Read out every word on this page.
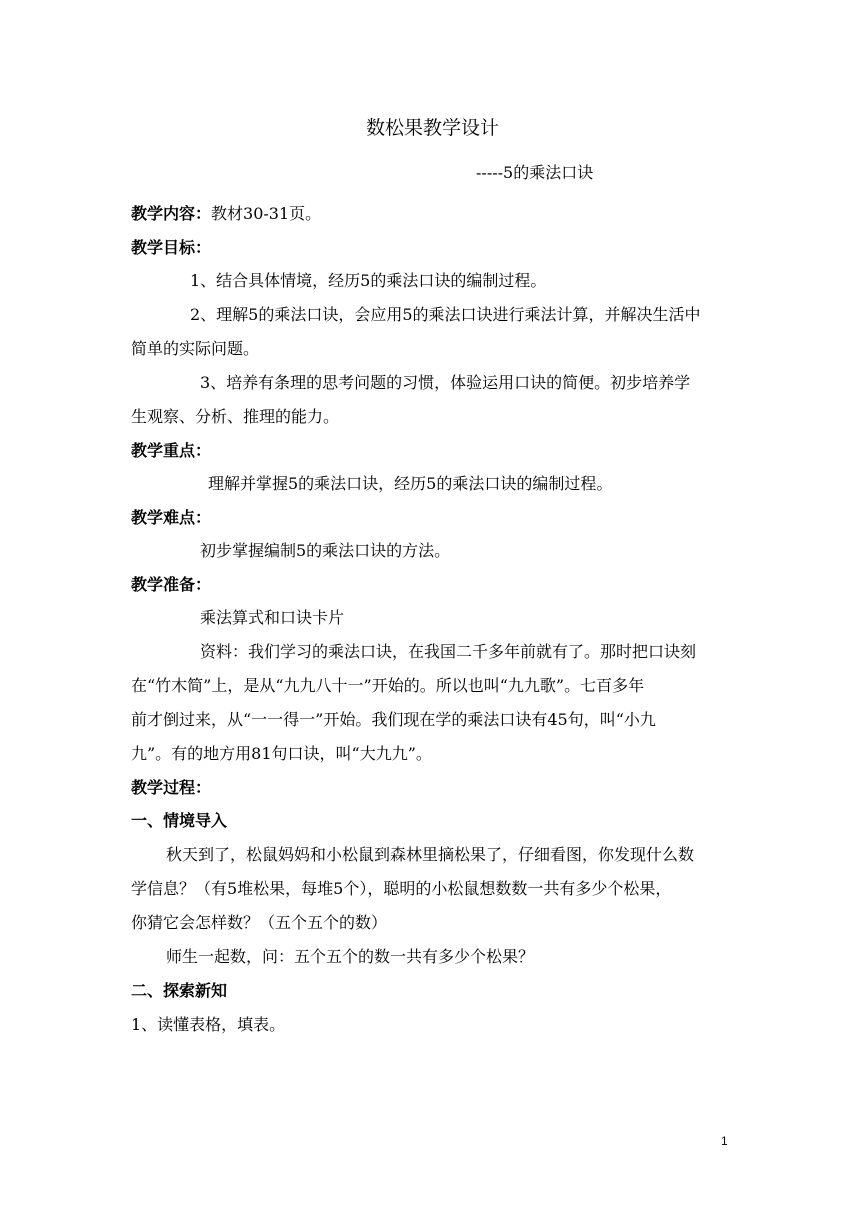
数松果教学设计
-----5的乘法口诀
教学内容：教材30-31页。
教学目标：
1、结合具体情境，经历5的乘法口诀的编制过程。
2、理解5的乘法口诀，会应用5的乘法口诀进行乘法计算，并解决生活中
简单的实际问题。
3、培养有条理的思考问题的习惯，体验运用口诀的简便。初步培养学
生观察、分析、推理的能力。
教学重点：
理解并掌握5的乘法口诀，经历5的乘法口诀的编制过程。
教学难点：
初步掌握编制5的乘法口诀的方法。
教学准备：
乘法算式和口诀卡片
资料：我们学习的乘法口诀，在我国二千多年前就有了。那时把口诀刻
在“竹木简”上，是从“九九八十一”开始的。所以也叫“九九歌”。七百多年
前才倒过来，从“一一得一”开始。我们现在学的乘法口诀有45句，叫“小九
九”。有的地方用81句口诀，叫“大九九”。
教学过程：
一、情境导入
秋天到了，松鼠妈妈和小松鼠到森林里摘松果了，仔细看图，你发现什么数
学信息？（有5堆松果，每堆5个），聪明的小松鼠想数数一共有多少个松果，
你猜它会怎样数？（五个五个的数）
师生一起数，问：五个五个的数一共有多少个松果？
二、探索新知
1、读懂表格，填表。
1
